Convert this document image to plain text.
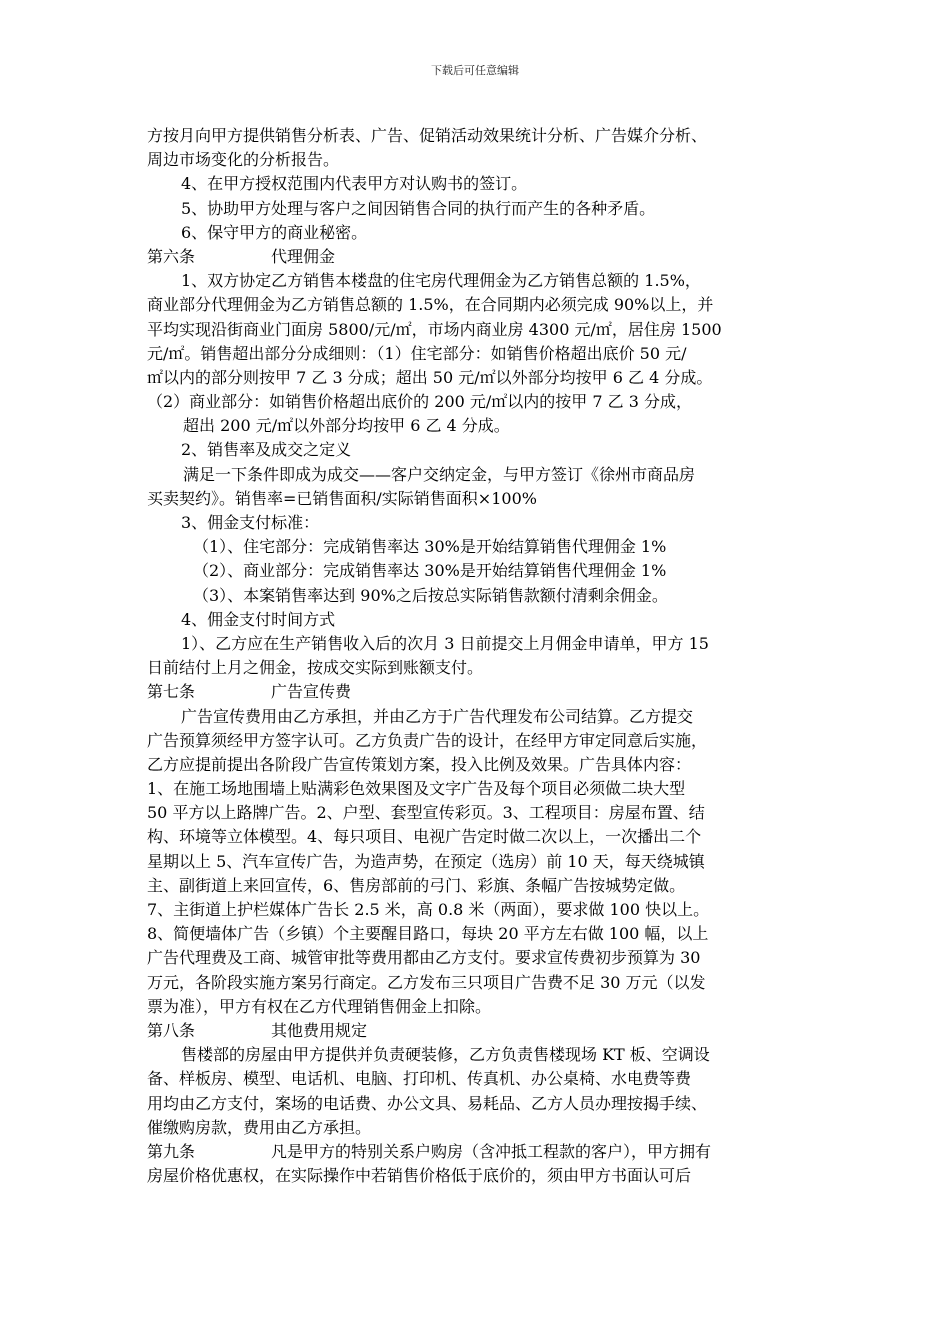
下载后可任意编辑
方按月向甲方提供销售分析表、广告、促销活动效果统计分析、广告媒介分析、
周边市场变化的分析报告。
4、在甲方授权范围内代表甲方对认购书的签订。
5、协助甲方处理与客户之间因销售合同的执行而产生的各种矛盾。
6、保守甲方的商业秘密。
第六条	代理佣金
1、双方协定乙方销售本楼盘的住宅房代理佣金为乙方销售总额的 1.5%，
商业部分代理佣金为乙方销售总额的 1.5%，在合同期内必须完成 90%以上，并
平均实现沿街商业门面房 5800/元/㎡，市场内商业房 4300 元/㎡，居住房 1500
元/㎡。销售超出部分分成细则：（1）住宅部分：如销售价格超出底价 50 元/
㎡以内的部分则按甲 7 乙 3 分成；超出 50 元/㎡以外部分均按甲 6 乙 4 分成。
（2）商业部分：如销售价格超出底价的 200 元/㎡以内的按甲 7 乙 3 分成，
超出 200 元/㎡以外部分均按甲 6 乙 4 分成。
2、销售率及成交之定义
满足一下条件即成为成交——客户交纳定金，与甲方签订《徐州市商品房
买卖契约》。销售率=已销售面积/实际销售面积×100%
3、佣金支付标准：
（1）、住宅部分：完成销售率达 30%是开始结算销售代理佣金 1%
（2）、商业部分：完成销售率达 30%是开始结算销售代理佣金 1%
（3）、本案销售率达到 90%之后按总实际销售款额付清剩余佣金。
4、佣金支付时间方式
1）、乙方应在生产销售收入后的次月 3 日前提交上月佣金申请单，甲方 15
日前结付上月之佣金，按成交实际到账额支付。
第七条	广告宣传费
广告宣传费用由乙方承担，并由乙方于广告代理发布公司结算。乙方提交
广告预算须经甲方签字认可。乙方负责广告的设计，在经甲方审定同意后实施，
乙方应提前提出各阶段广告宣传策划方案，投入比例及效果。广告具体内容：
1、在施工场地围墙上贴满彩色效果图及文字广告及每个项目必须做二块大型
50 平方以上路牌广告。2、户型、套型宣传彩页。3、工程项目：房屋布置、结
构、环境等立体模型。4、每只项目、电视广告定时做二次以上，一次播出二个
星期以上 5、汽车宣传广告，为造声势，在预定（选房）前 10 天，每天绕城镇
主、副街道上来回宣传，6、售房部前的弓门、彩旗、条幅广告按城势定做。
7、主街道上护栏媒体广告长 2.5 米，高 0.8 米（两面），要求做 100 快以上。
8、简便墙体广告（乡镇）个主要醒目路口，每块 20 平方左右做 100 幅，以上
广告代理费及工商、城管审批等费用都由乙方支付。要求宣传费初步预算为 30
万元，各阶段实施方案另行商定。乙方发布三只项目广告费不足 30 万元（以发
票为准），甲方有权在乙方代理销售佣金上扣除。
第八条	其他费用规定
售楼部的房屋由甲方提供并负责硬装修，乙方负责售楼现场 KT 板、空调设
备、样板房、模型、电话机、电脑、打印机、传真机、办公桌椅、水电费等费
用均由乙方支付，案场的电话费、办公文具、易耗品、乙方人员办理按揭手续、
催缴购房款，费用由乙方承担。
第九条	凡是甲方的特别关系户购房（含冲抵工程款的客户），甲方拥有
房屋价格优惠权，在实际操作中若销售价格低于底价的，须由甲方书面认可后
